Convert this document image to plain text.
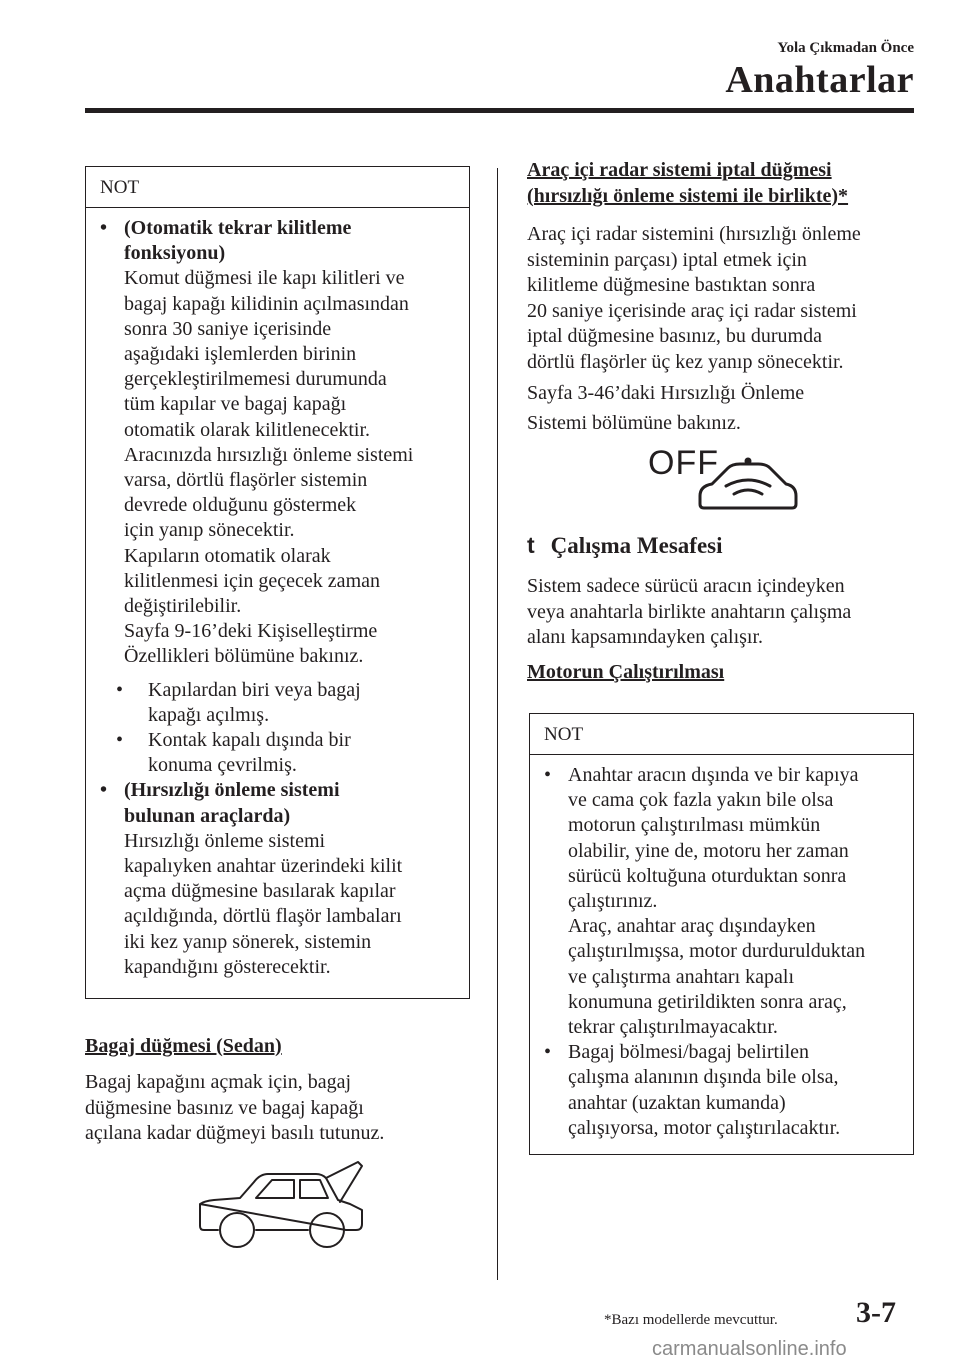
Yola Çıkmadan Önce
Anahtarlar
NOT
• (Otomatik tekrar kilitleme
fonksiyonu)
Komut düğmesi ile kapı kilitleri ve
bagaj kapağı kilidinin açılmasından
sonra 30 saniye içerisinde
aşağıdaki işlemlerden birinin
gerçekleştirilmemesi durumunda
tüm kapılar ve bagaj kapağı
otomatik olarak kilitlenecektir.
Aracınızda hırsızlığı önleme sistemi
varsa, dörtlü flaşörler sistemin
devrede olduğunu göstermek
için yanıp sönecektir.
Kapıların otomatik olarak
kilitlenmesi için geçecek zaman
değiştirilebilir.
Sayfa 9-16’deki Kişiselleştirme
Özellikleri bölümüne bakınız.
• Kapılardan biri veya bagaj
kapağı açılmış.
• Kontak kapalı dışında bir
konuma çevrilmiş.
• (Hırsızlığı önleme sistemi
bulunan araçlarda)
Hırsızlığı önleme sistemi
kapalıyken anahtar üzerindeki kilit
açma düğmesine basılarak kapılar
açıldığında, dörtlü flaşör lambaları
iki kez yanıp sönerek, sistemin
kapandığını gösterecektir.
Bagaj düğmesi (Sedan)
Bagaj kapağını açmak için, bagaj
düğmesine basınız ve bagaj kapağı
açılana kadar düğmeyi basılı tutunuz.
Araç içi radar sistemi iptal düğmesi
(hırsızlığı önleme sistemi ile birlikte)*
Araç içi radar sistemini (hırsızlığı önleme
sisteminin parçası) iptal etmek için
kilitleme düğmesine bastıktan sonra
20 saniye içerisinde araç içi radar sistemi
iptal düğmesine basınız, bu durumda
dörtlü flaşörler üç kez yanıp sönecektir.
Sayfa 3-46’daki Hırsızlığı Önleme
Sistemi bölümüne bakınız.
OFF
t Çalışma Mesafesi
Sistem sadece sürücü aracın içindeyken
veya anahtarla birlikte anahtarın çalışma
alanı kapsamındayken çalışır.
Motorun Çalıştırılması
NOT
• Anahtar aracın dışında ve bir kapıya
ve cama çok fazla yakın bile olsa
motorun çalıştırılması mümkün
olabilir, yine de, motoru her zaman
sürücü koltuğuna oturduktan sonra
çalıştırınız.
Araç, anahtar araç dışındayken
çalıştırılmışsa, motor durdurulduktan
ve çalıştırma anahtarı kapalı
konumuna getirildikten sonra araç,
tekrar çalıştırılmayacaktır.
• Bagaj bölmesi/bagaj belirtilen
çalışma alanının dışında bile olsa,
anahtar (uzaktan kumanda)
çalışıyorsa, motor çalıştırılacaktır.
*Bazı modellerde mevcuttur.	3-7
carmanualsonline.info
